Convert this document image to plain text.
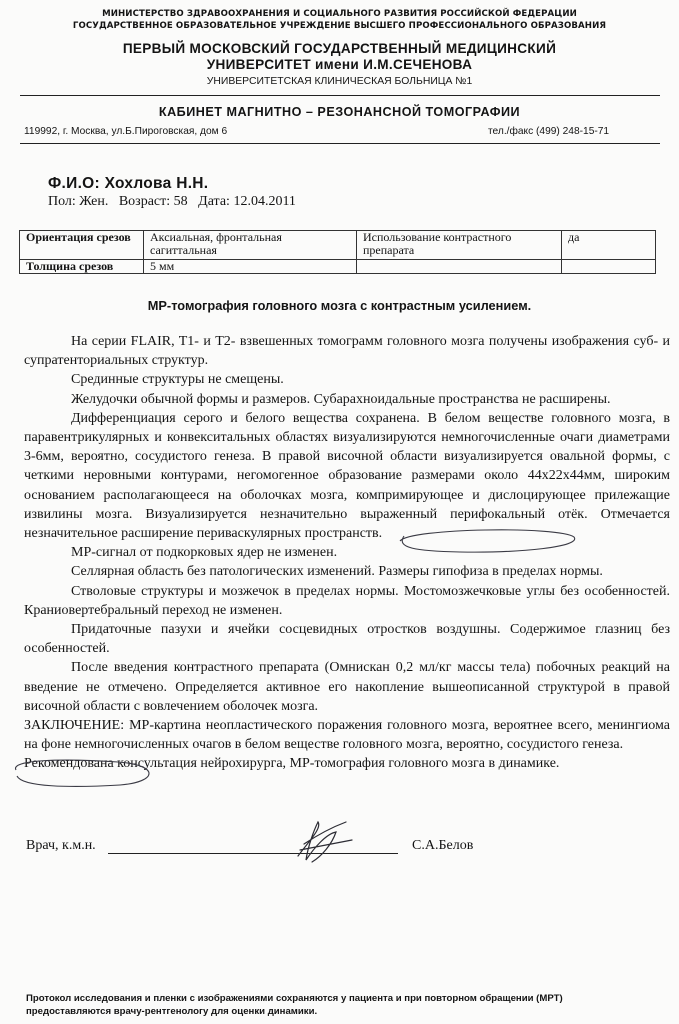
МИНИСТЕРСТВО ЗДРАВООХРАНЕНИЯ И СОЦИАЛЬНОГО РАЗВИТИЯ РОССИЙСКОЙ ФЕДЕРАЦИИ
ГОСУДАРСТВЕННОЕ ОБРАЗОВАТЕЛЬНОЕ УЧРЕЖДЕНИЕ ВЫСШЕГО ПРОФЕССИОНАЛЬНОГО ОБРАЗОВАНИЯ
ПЕРВЫЙ МОСКОВСКИЙ ГОСУДАРСТВЕННЫЙ МЕДИЦИНСКИЙ
УНИВЕРСИТЕТ имени И.М.СЕЧЕНОВА
УНИВЕРСИТЕТСКАЯ КЛИНИЧЕСКАЯ БОЛЬНИЦА №1
КАБИНЕТ МАГНИТНО – РЕЗОНАНСНОЙ ТОМОГРАФИИ
119992, г. Москва, ул.Б.Пироговская, дом 6	тел./факс (499) 248-15-71
Ф.И.О: Хохлова Н.Н.
Пол: Жен.   Возраст: 58   Дата: 12.04.2011
Ориентация срезов	Аксиальная, фронтальная сагиттальная	Использование контрастного препарата	да
Толщина срезов	5 мм		
МР-томография головного мозга с контрастным усилением.

На серии FLAIR, T1- и T2- взвешенных томограмм головного мозга получены изображения суб- и супратенториальных структур.

Срединные структуры не смещены.

Желудочки обычной формы и размеров. Субарахноидальные пространства не расширены.

Дифференциация серого и белого вещества сохранена. В белом веществе головного мозга, в паравентрикулярных и конвекситальных областях визуализируются немногочисленные очаги диаметрами 3-6мм, вероятно, сосудистого генеза. В правой височной области визуализируется овальной формы, с четкими неровными контурами, негомогенное образование размерами около 44х22х44мм, широким основанием располагающееся на оболочках мозга, компримирующее и дислоцирующее прилежащие извилины мозга. Визуализируется незначительно выраженный перифокальный отёк. Отмечается незначительное расширение периваскулярных пространств.

МР-сигнал от подкорковых ядер не изменен.

Селлярная область без патологических изменений. Размеры гипофиза в пределах нормы.

Стволовые структуры и мозжечок в пределах нормы. Мостомозжечковые углы без особенностей. Краниовертебральный переход не изменен.

Придаточные пазухи и ячейки сосцевидных отростков воздушны. Содержимое глазниц без особенностей.

После введения контрастного препарата (Омнискан 0,2 мл/кг массы тела) побочных реакций на введение не отмечено. Определяется активное его накопление вышеописанной структурой в правой височной области с вовлечением оболочек мозга.

ЗАКЛЮЧЕНИЕ: МР-картина неопластического поражения головного мозга, вероятнее всего, менингиома на фоне немногочисленных очагов в белом веществе головного мозга, вероятно, сосудистого генеза.

Рекомендована консультация нейрохирурга, МР-томография головного мозга в динамике.

Врач, к.м.н.	С.А.Белов
Протокол исследования и пленки с изображениями сохраняются у пациента и при повторном обращении (МРТ)
предоставляются врачу-рентгенологу для оценки динамики.
